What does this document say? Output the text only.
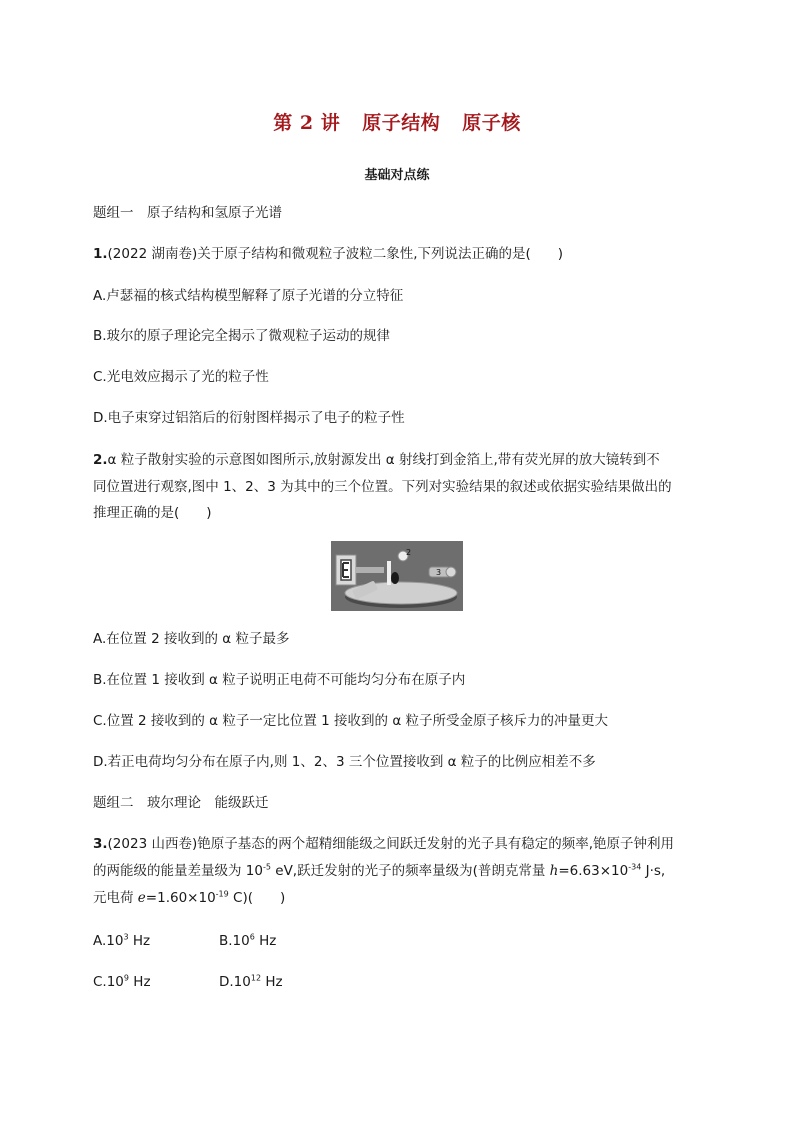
第 2 讲 原子结构 原子核
基础对点练
题组一　原子结构和氢原子光谱
1.(2022 湖南卷)关于原子结构和微观粒子波粒二象性,下列说法正确的是(　　)
A.卢瑟福的核式结构模型解释了原子光谱的分立特征
B.玻尔的原子理论完全揭示了微观粒子运动的规律
C.光电效应揭示了光的粒子性
D.电子束穿过铝箔后的衍射图样揭示了电子的粒子性
2.α 粒子散射实验的示意图如图所示,放射源发出 α 射线打到金箔上,带有荧光屏的放大镜转到不
同位置进行观察,图中 1、2、3 为其中的三个位置。下列对实验结果的叙述或依据实验结果做出的
推理正确的是(　　)
2
3
A.在位置 2 接收到的 α 粒子最多
B.在位置 1 接收到 α 粒子说明正电荷不可能均匀分布在原子内
C.位置 2 接收到的 α 粒子一定比位置 1 接收到的 α 粒子所受金原子核斥力的冲量更大
D.若正电荷均匀分布在原子内,则 1、2、3 三个位置接收到 α 粒子的比例应相差不多
题组二　玻尔理论　能级跃迁
3.(2023 山西卷)铯原子基态的两个超精细能级之间跃迁发射的光子具有稳定的频率,铯原子钟利用
的两能级的能量差量级为 $10^{-5}$ eV,跃迁发射的光子的频率量级为(普朗克常量 $h=6.63\times 10^{-34}$ J·s,
元电荷 $e=1.60\times 10^{-19}$ C)(　　)
$A.10^3$ Hz	$B.10^6$ Hz
$C.10^9$ Hz	$D.10^{12}$ Hz
